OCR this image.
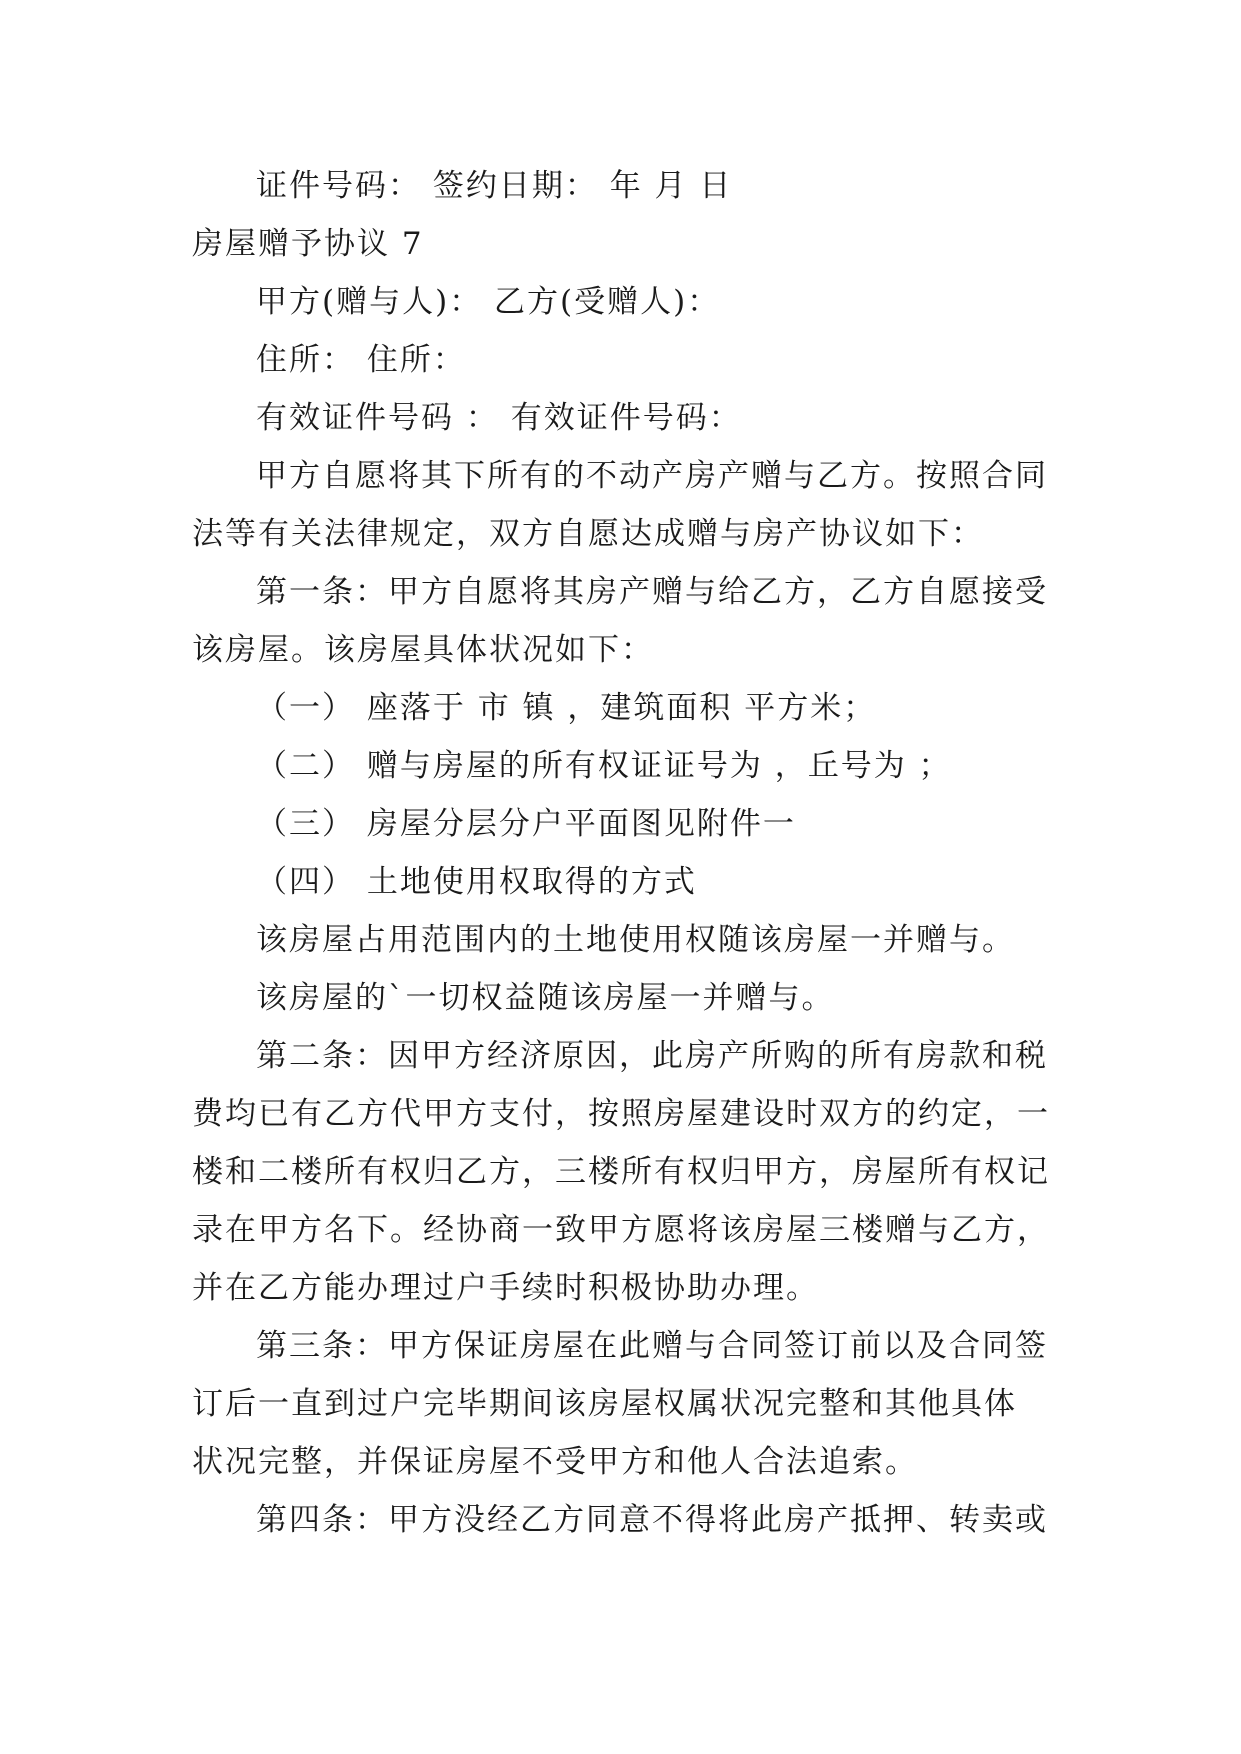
证件号码： 签约日期： 年 月 日
房屋赠予协议 7
甲方(赠与人)： 乙方(受赠人)：
住所： 住所：
有效证件号码 ： 有效证件号码：
甲方自愿将其下所有的不动产房产赠与乙方。按照合同
法等有关法律规定，双方自愿达成赠与房产协议如下：
第一条：甲方自愿将其房产赠与给乙方，乙方自愿接受
该房屋。该房屋具体状况如下：
（一） 座落于 市 镇 ，建筑面积 平方米；
（二） 赠与房屋的所有权证证号为 ，丘号为 ；
（三） 房屋分层分户平面图见附件一
（四） 土地使用权取得的方式
该房屋占用范围内的土地使用权随该房屋一并赠与。
该房屋的`一切权益随该房屋一并赠与。
第二条：因甲方经济原因，此房产所购的所有房款和税
费均已有乙方代甲方支付，按照房屋建设时双方的约定，一
楼和二楼所有权归乙方，三楼所有权归甲方，房屋所有权记
录在甲方名下。经协商一致甲方愿将该房屋三楼赠与乙方，
并在乙方能办理过户手续时积极协助办理。
第三条：甲方保证房屋在此赠与合同签订前以及合同签
订后一直到过户完毕期间该房屋权属状况完整和其他具体
状况完整，并保证房屋不受甲方和他人合法追索。
第四条：甲方没经乙方同意不得将此房产抵押、转卖或
